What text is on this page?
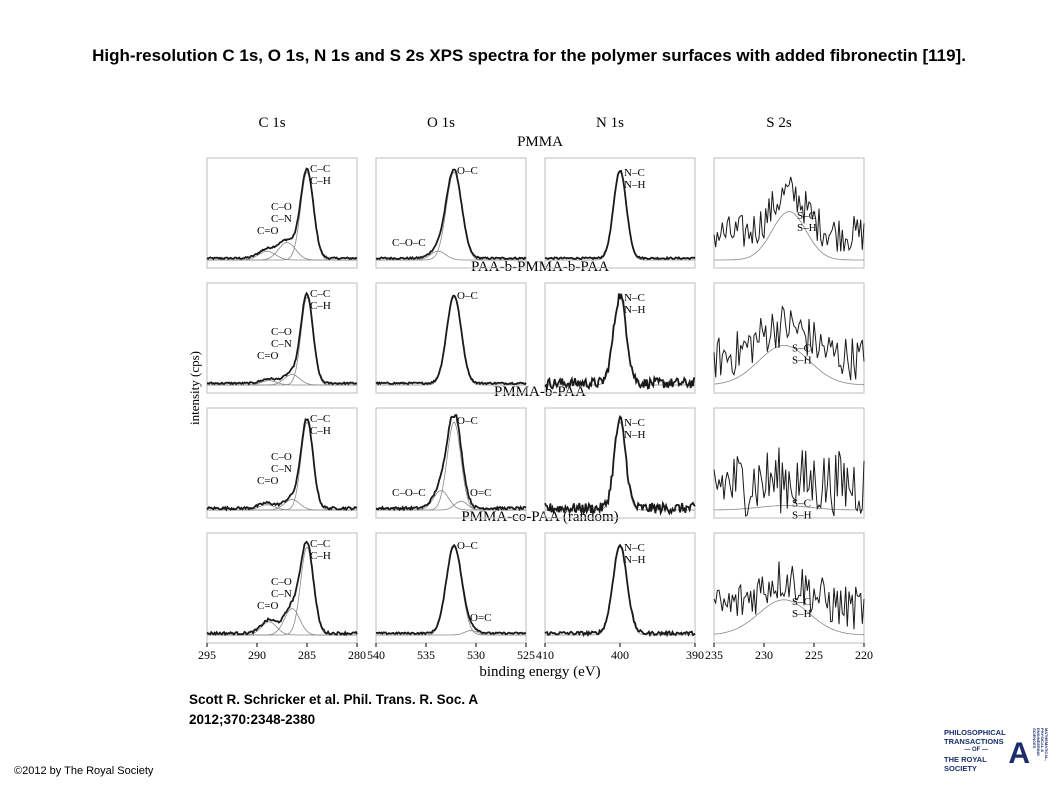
High-resolution C 1s, O 1s, N 1s and S 2s XPS spectra for the polymer surfaces with added fibronectin [119].
C 1s	O 1s	N 1s	S 2s
PMMA
PAA-b-PMMA-b-PAA
PMMA-b-PAA
PMMA-co-PAA (random)
intensity (cps)
binding energy (eV)
C–C
C–H
C–O
C–N
C=O
O–C
C–O–C
N–C
N–H
S–C
S–H
C–C
C–H
C–O
C–N
C=O
O–C	N–C
N–H
S–C
S–H
C–C
C–H
C–O
C–N
C=O
O–C
C–O–C	O=C
N–C
N–H
S–C
S–H
C–C
C–H
C–O
C–N
C=O
295	290	285	280
O–C
O=C
540	535	530	525
N–C
N–H
410	400	390
S–C
S–H
235	230	225	220
Scott R. Schricker et al. Phil. Trans. R. Soc. A
2012;370:2348-2380
©2012 by The Royal Society
PHILOSOPHICAL
TRANSACTIONS
— OF —
THE ROYAL
SOCIETY	A	MATHEMATICAL, PHYSICAL & ENGINEERING SCIENCES
